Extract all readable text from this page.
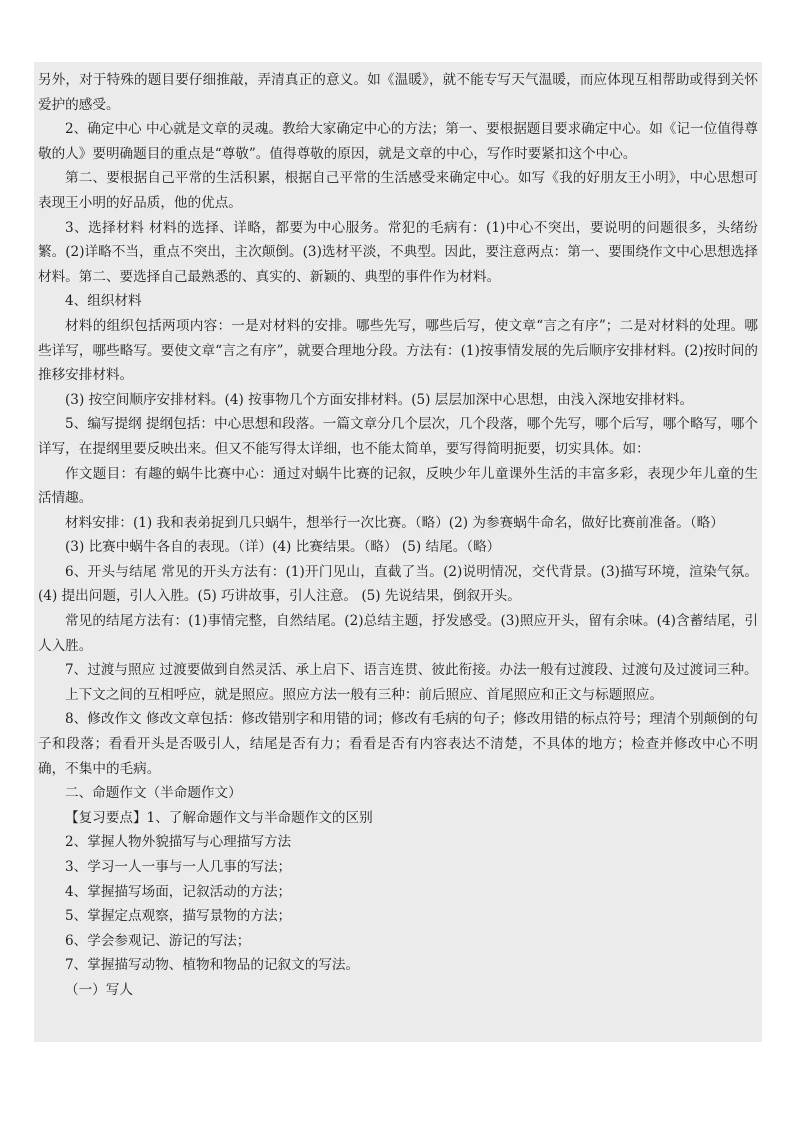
另外，对于特殊的题目要仔细推敲，弄清真正的意义。如《温暖》，就不能专写天气温暖，而应体现互相帮助或得到关怀爱护的感受。

2、确定中心 中心就是文章的灵魂。教给大家确定中心的方法；第一、要根据题目要求确定中心。如《记一位值得尊敬的人》要明确题目的重点是“尊敬”。值得尊敬的原因，就是文章的中心，写作时要紧扣这个中心。

第二、要根据自己平常的生活积累，根据自己平常的生活感受来确定中心。如写《我的好朋友王小明》，中心思想可表现王小明的好品质，他的优点。

3、选择材料 材料的选择、详略，都要为中心服务。常犯的毛病有：(1)中心不突出，要说明的问题很多，头绪纷繁。(2)详略不当，重点不突出，主次颠倒。(3)选材平淡，不典型。因此，要注意两点：第一、要围绕作文中心思想选择材料。第二、要选择自己最熟悉的、真实的、新颖的、典型的事件作为材料。

4、组织材料

材料的组织包括两项内容：一是对材料的安排。哪些先写，哪些后写，使文章“言之有序”；二是对材料的处理。哪些详写，哪些略写。要使文章“言之有序”，就要合理地分段。方法有：(1)按事情发展的先后顺序安排材料。(2)按时间的推移安排材料。

(3) 按空间顺序安排材料。(4) 按事物几个方面安排材料。(5) 层层加深中心思想，由浅入深地安排材料。

5、编写提纲 提纲包括：中心思想和段落。一篇文章分几个层次，几个段落，哪个先写，哪个后写，哪个略写，哪个详写，在提纲里要反映出来。但又不能写得太详细，也不能太简单，要写得简明扼要，切实具体。如：

作文题目：有趣的蜗牛比赛中心：通过对蜗牛比赛的记叙，反映少年儿童课外生活的丰富多彩，表现少年儿童的生活情趣。

材料安排：(1) 我和表弟捉到几只蜗牛，想举行一次比赛。（略）(2) 为参赛蜗牛命名，做好比赛前准备。（略）

(3) 比赛中蜗牛各自的表现。（详）(4) 比赛结果。（略） (5) 结尾。（略）

6、开头与结尾 常见的开头方法有：(1)开门见山，直截了当。(2)说明情况，交代背景。(3)描写环境，渲染气氛。(4) 提出问题，引人入胜。(5) 巧讲故事，引人注意。 (5) 先说结果，倒叙开头。

常见的结尾方法有：(1)事情完整，自然结尾。(2)总结主题，抒发感受。(3)照应开头，留有余味。(4)含蓄结尾，引人入胜。

7、过渡与照应 过渡要做到自然灵活、承上启下、语言连贯、彼此衔接。办法一般有过渡段、过渡句及过渡词三种。

上下文之间的互相呼应，就是照应。照应方法一般有三种：前后照应、首尾照应和正文与标题照应。

8、修改作文 修改文章包括：修改错别字和用错的词；修改有毛病的句子；修改用错的标点符号；理清个别颠倒的句子和段落；看看开头是否吸引人，结尾是否有力；看看是否有内容表达不清楚，不具体的地方；检查并修改中心不明确，不集中的毛病。

二、命题作文（半命题作文）

【复习要点】1、了解命题作文与半命题作文的区别

2、掌握人物外貌描写与心理描写方法

3、学习一人一事与一人几事的写法；

4、掌握描写场面，记叙活动的方法；

5、掌握定点观察，描写景物的方法；

6、学会参观记、游记的写法；

7、掌握描写动物、植物和物品的记叙文的写法。

（一）写人
